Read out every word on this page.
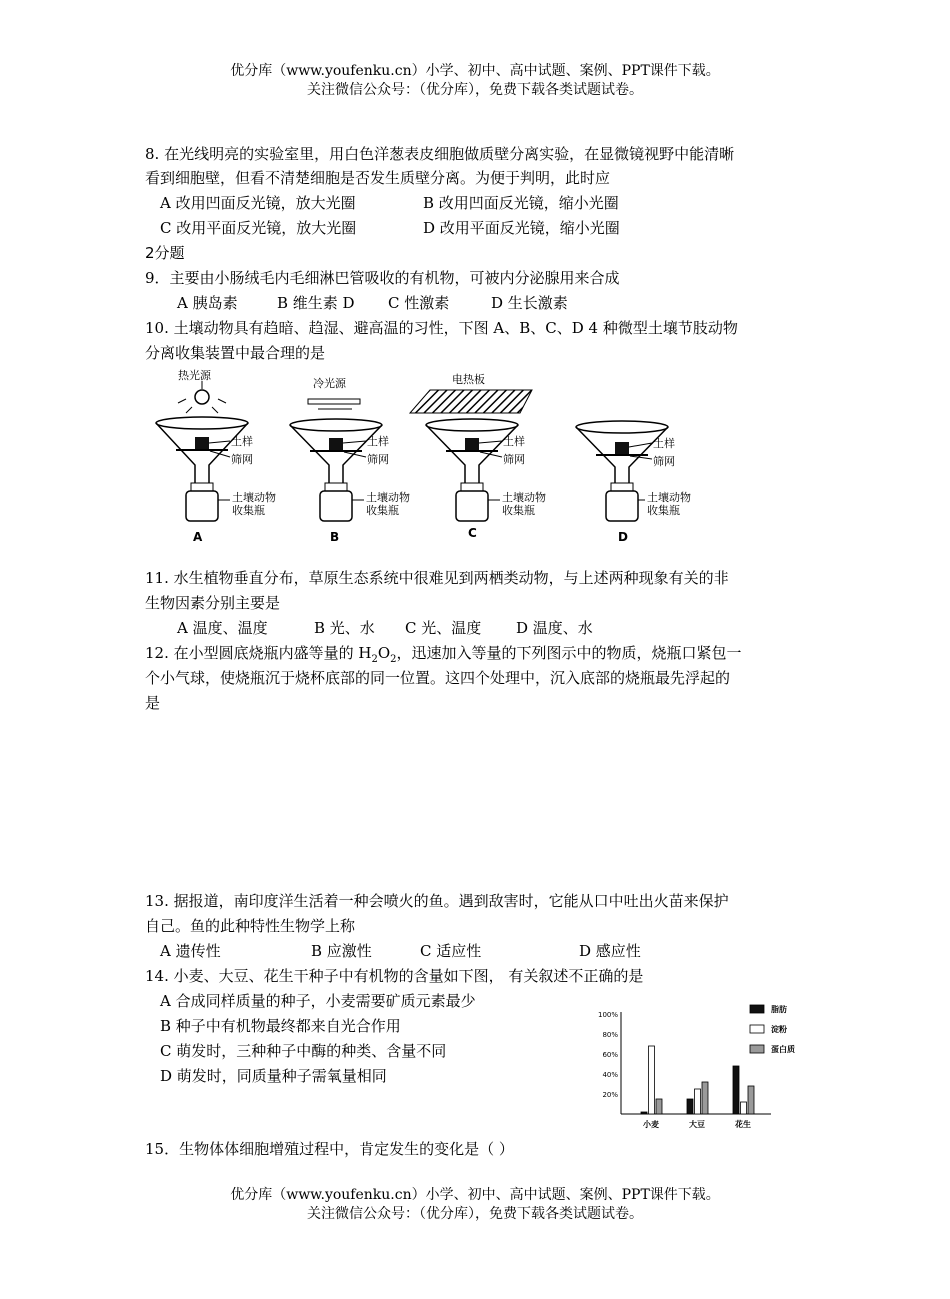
优分库（www.youfenku.cn）小学、初中、高中试题、案例、PPT课件下载。
关注微信公众号：（优分库），免费下载各类试题试卷。
8. 在光线明亮的实验室里，用白色洋葱表皮细胞做质壁分离实验，在显微镜视野中能清晰
看到细胞壁，但看不清楚细胞是否发生质壁分离。为便于判明，此时应
A 改用凹面反光镜，放大光圈	B 改用凹面反光镜，缩小光圈
C 改用平面反光镜，放大光圈	D 改用平面反光镜，缩小光圈
2分题
9．主要由小肠绒毛内毛细淋巴管吸收的有机物，可被内分泌腺用来合成
A 胰岛素	B 维生素 D C 性激素	D 生长激素
10. 土壤动物具有趋暗、趋湿、避高温的习性，下图 A、B、C、D 4 种微型土壤节肢动物
分离收集装置中最合理的是
热光源
土样
筛网
土壤动物
收集瓶
A
冷光源
土样
筛网
土壤动物
收集瓶
B
电热板
土样
筛网
土壤动物
收集瓶
C
土样
筛网
土壤动物
收集瓶
D
11. 水生植物垂直分布，草原生态系统中很难见到两栖类动物，与上述两种现象有关的非
生物因素分别主要是
A 温度、温度	B 光、水 C 光、温度 D 温度、水
12. 在小型圆底烧瓶内盛等量的 $H_2O_2$，迅速加入等量的下列图示中的物质，烧瓶口紧包一
个小气球，使烧瓶沉于烧杯底部的同一位置。这四个处理中，沉入底部的烧瓶最先浮起的
是
13. 据报道，南印度洋生活着一种会喷火的鱼。遇到敌害时，它能从口中吐出火苗来保护
自己。鱼的此种特性生物学上称
A 遗传性	B 应激性	C 适应性	D 感应性
14. 小麦、大豆、花生干种子中有机物的含量如下图， 有关叙述不正确的是
A 合成同样质量的种子，小麦需要矿质元素最少
B 种子中有机物最终都来自光合作用
C 萌发时，三种种子中酶的种类、含量不同
D 萌发时，同质量种子需氧量相同
20%
40%
60%
80%
100%
小麦	大豆	花生
脂肪
淀粉
蛋白质
15．生物体体细胞增殖过程中，肯定发生的变化是（ ）
优分库（www.youfenku.cn）小学、初中、高中试题、案例、PPT课件下载。
关注微信公众号：（优分库），免费下载各类试题试卷。
